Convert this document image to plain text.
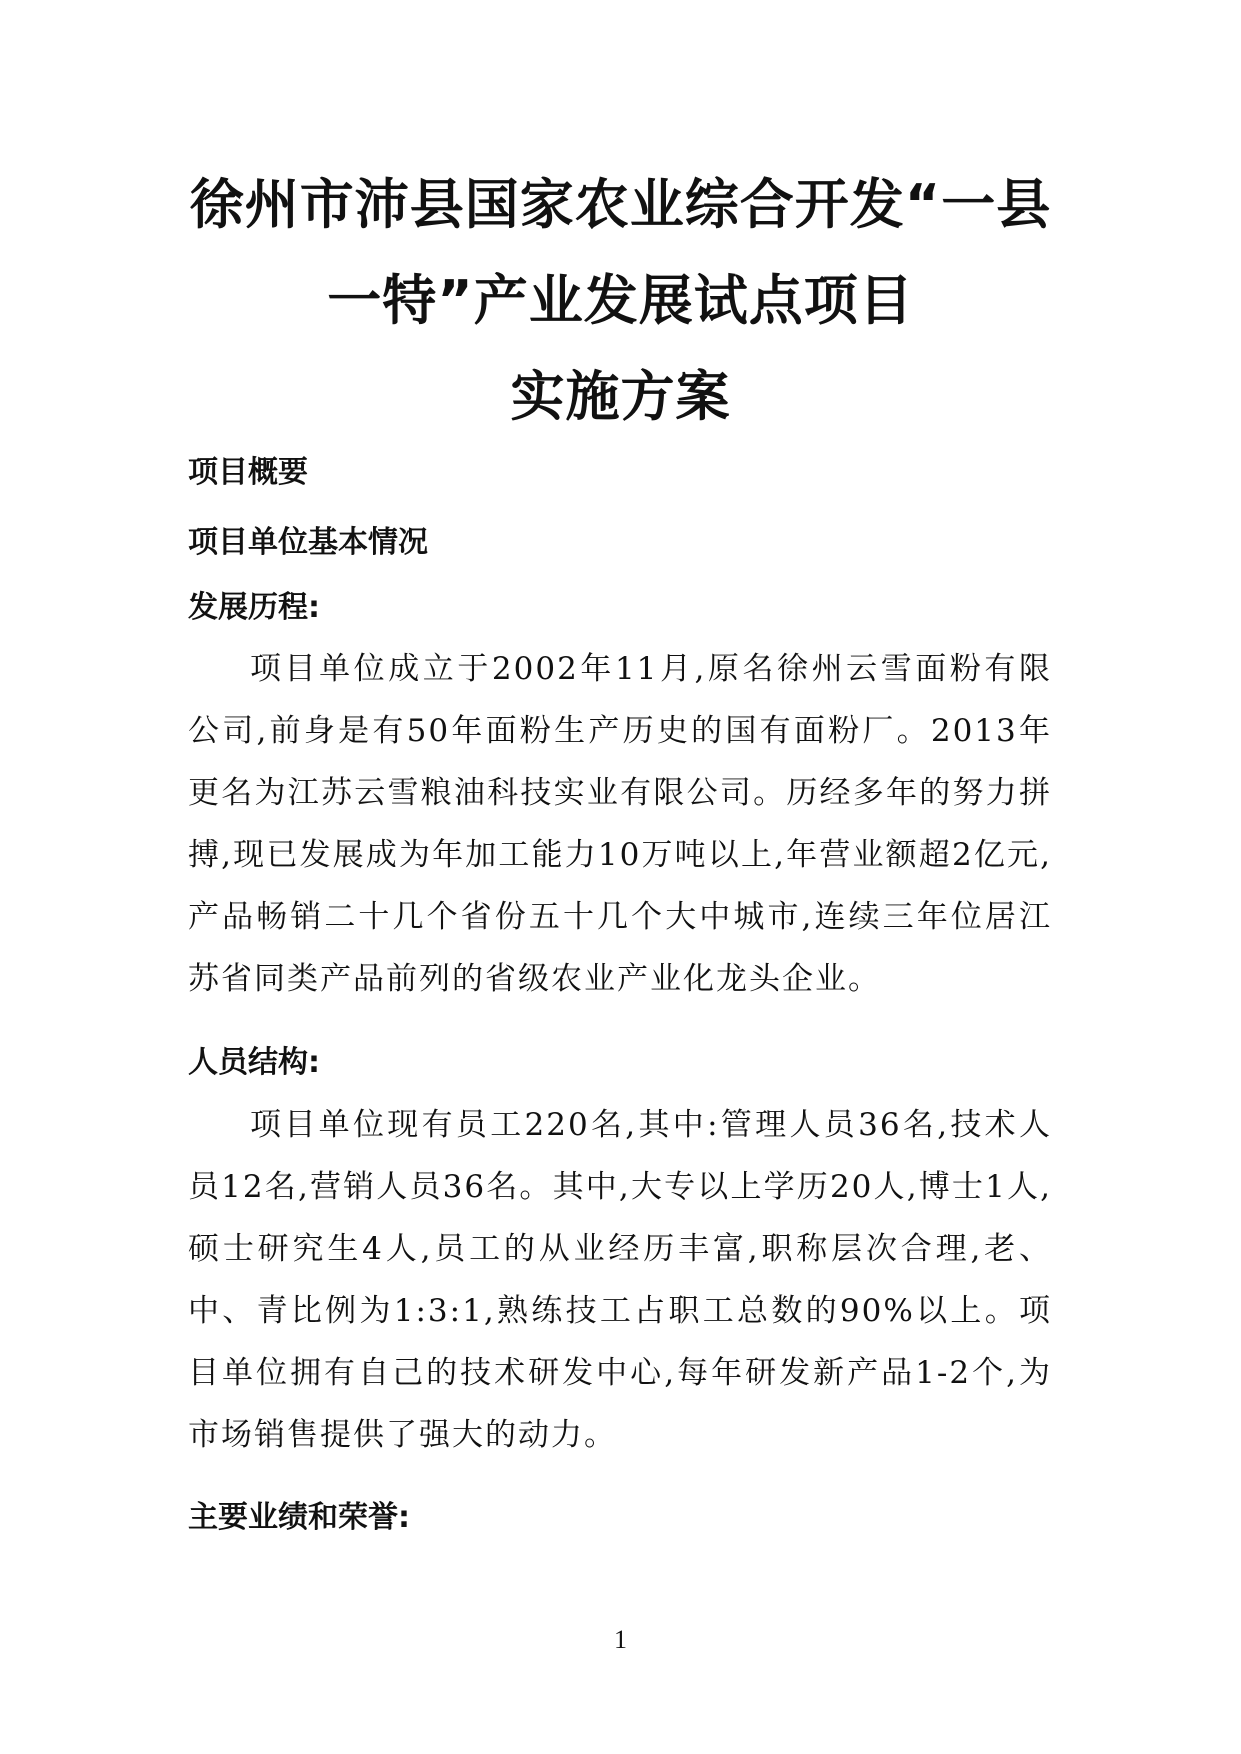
徐州市沛县国家农业综合开发“一县
一特”产业发展试点项目
实施方案
项目概要
项目单位基本情况
发展历程:

项目单位成立于2002年11月,原名徐州云雪面粉有限公司,前身是有50年面粉生产历史的国有面粉厂。2013年更名为江苏云雪粮油科技实业有限公司。历经多年的努力拼搏,现已发展成为年加工能力10万吨以上,年营业额超2亿元,产品畅销二十几个省份五十几个大中城市,连续三年位居江苏省同类产品前列的省级农业产业化龙头企业。

人员结构:

项目单位现有员工220名,其中:管理人员36名,技术人员12名,营销人员36名。其中,大专以上学历20人,博士1人,硕士研究生4人,员工的从业经历丰富,职称层次合理,老、中、青比例为1:3:1,熟练技工占职工总数的90%以上。项目单位拥有自己的技术研发中心,每年研发新产品1-2个,为市场销售提供了强大的动力。

主要业绩和荣誉:
1
